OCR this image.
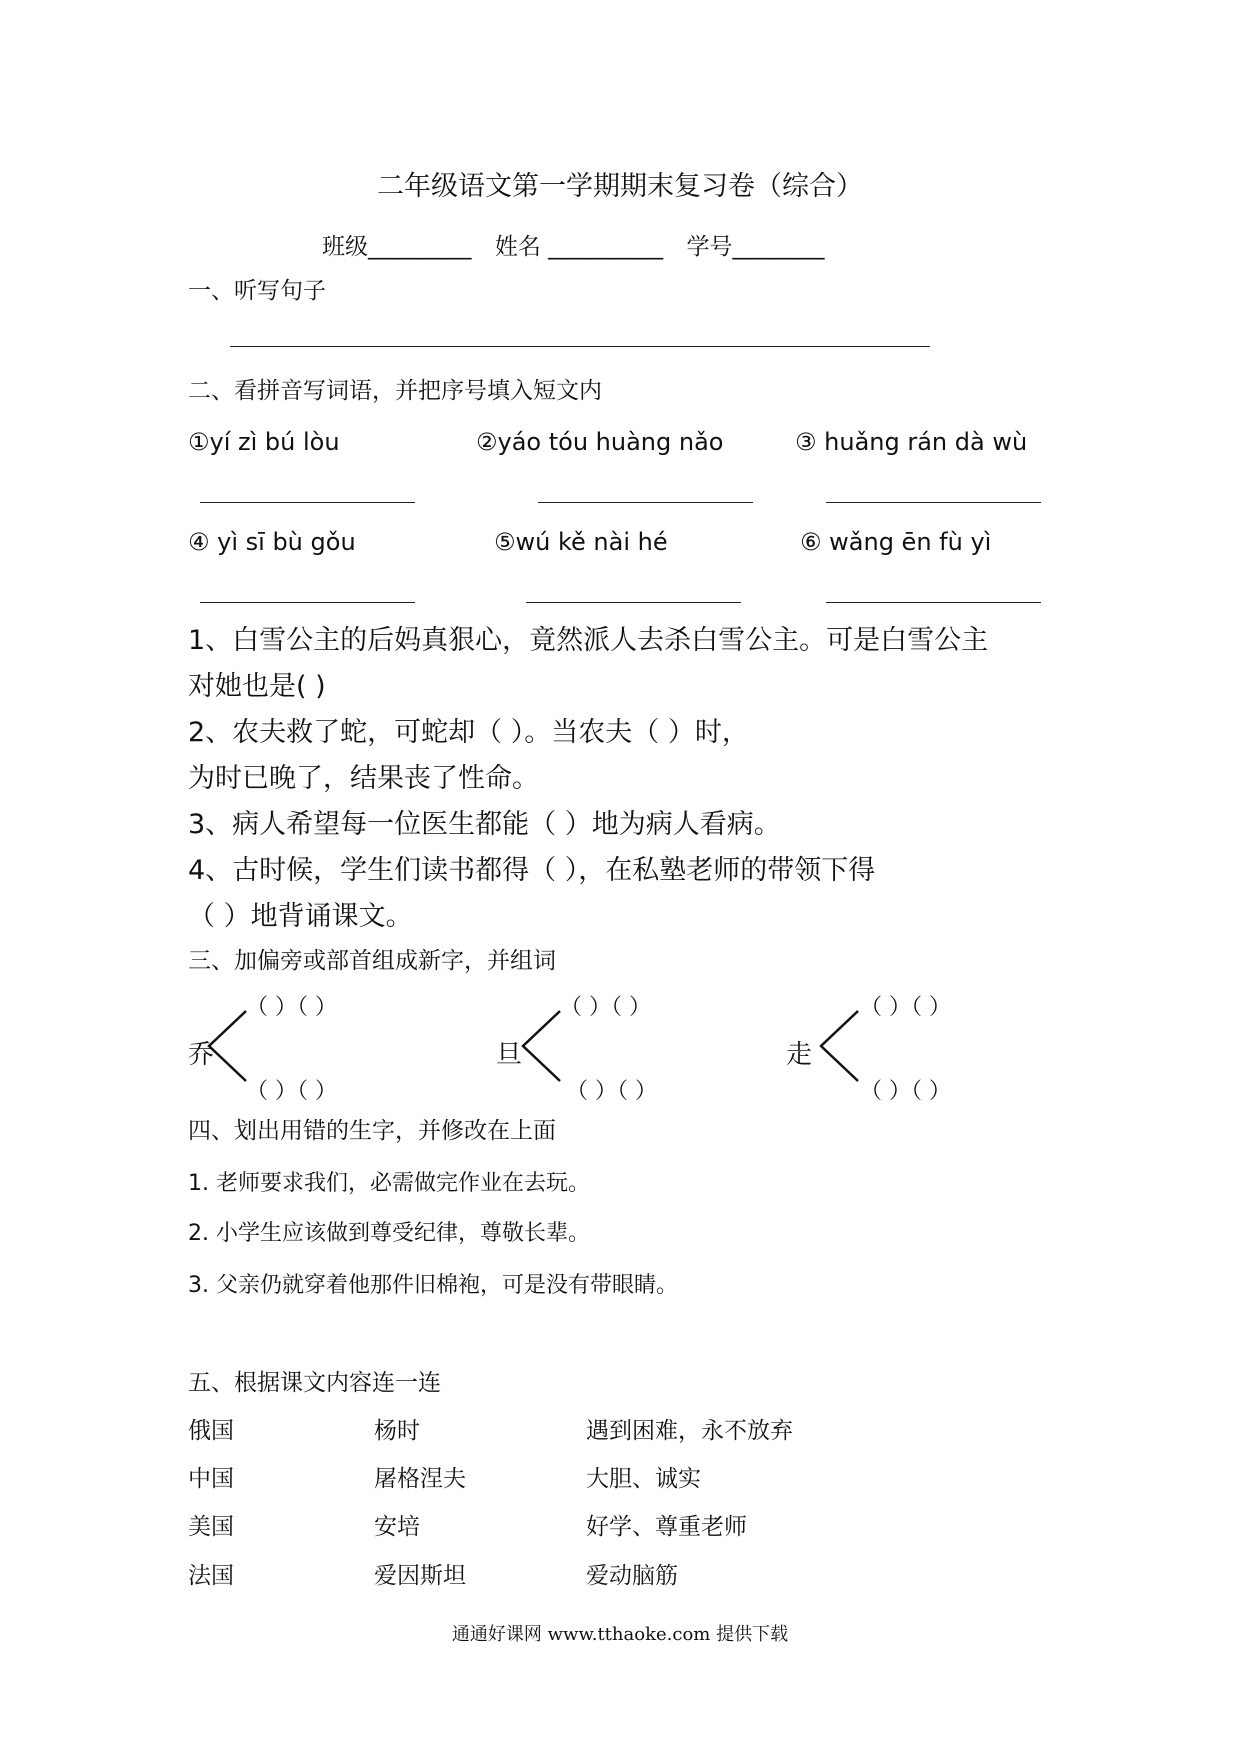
二年级语文第一学期期末复习卷（综合）
班级_________ 姓名 __________ 学号________
一、听写句子
二、看拼音写词语，并把序号填入短文内
①yí zì bú lòu	②yáo tóu huàng nǎo	③ huǎng rán dà wù
④ yì sī bù gǒu	⑤wú kě nài hé	⑥ wǎng ēn fù yì
1、白雪公主的后妈真狠心，竟然派人去杀白雪公主。可是白雪公主
对她也是( )
2、农夫救了蛇，可蛇却（ ）。当农夫（ ）时，
为时已晚了，结果丧了性命。
3、病人希望每一位医生都能（ ）地为病人看病。
4、古时候，学生们读书都得（ ），在私塾老师的带领下得
（ ）地背诵课文。
三、加偏旁或部首组成新字，并组词
（ ）（ ）
乔
（ ）（ ）
（ ）（ ）
旦
（ ）（ ）
（ ）（ ）
走
（ ）（ ）
四、划出用错的生字，并修改在上面
1. 老师要求我们，必需做完作业在去玩。
2. 小学生应该做到尊受纪律，尊敬长辈。
3. 父亲仍就穿着他那件旧棉袍，可是没有带眼睛。
五、根据课文内容连一连
俄国	杨时	遇到困难，永不放弃
中国	屠格涅夫	大胆、诚实
美国	安培	好学、尊重老师
法国	爱因斯坦	爱动脑筋
通通好课网 www.tthaoke.com 提供下载
